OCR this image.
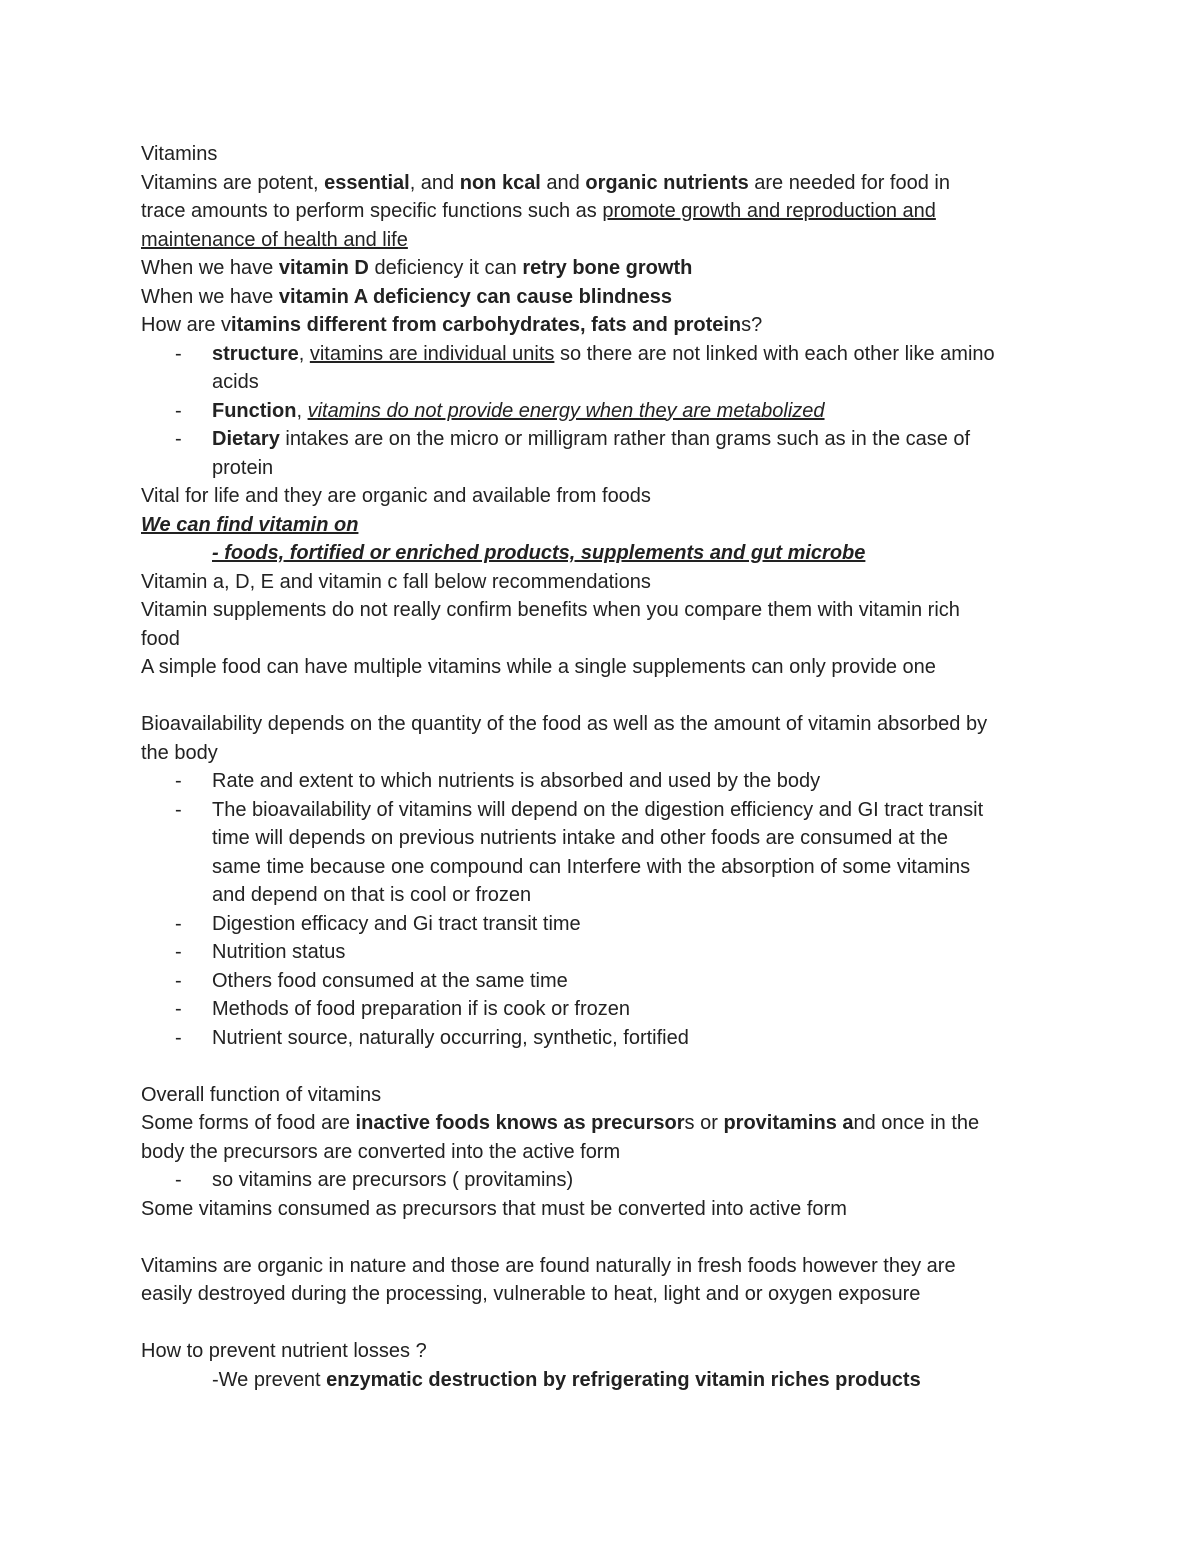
Vitamins
Vitamins are potent, essential, and non kcal and organic nutrients are needed for food in
trace amounts to perform specific functions such as promote growth and reproduction and
maintenance of health and life
When we have vitamin D deficiency it can retry bone growth
When we have vitamin A deficiency can cause blindness
How are vitamins different from carbohydrates, fats and proteins?
- structure, vitamins are individual units so there are not linked with each other like amino
acids
- Function, vitamins do not provide energy when they are metabolized
- Dietary intakes are on the micro or milligram rather than grams such as in the case of
protein
Vital for life and they are organic and available from foods
We can find vitamin on
- foods, fortified or enriched products, supplements and gut microbe
Vitamin a, D, E and vitamin c fall below recommendations
Vitamin supplements do not really confirm benefits when you compare them with vitamin rich
food
A simple food can have multiple vitamins while a single supplements can only provide one
Bioavailability depends on the quantity of the food as well as the amount of vitamin absorbed by
the body
- Rate and extent to which nutrients is absorbed and used by the body
- The bioavailability of vitamins will depend on the digestion efficiency and GI tract transit
time will depends on previous nutrients intake and other foods are consumed at the
same time because one compound can Interfere with the absorption of some vitamins
and depend on that is cool or frozen
- Digestion efficacy and Gi tract transit time
- Nutrition status
- Others food consumed at the same time
- Methods of food preparation if is cook or frozen
- Nutrient source, naturally occurring, synthetic, fortified
Overall function of vitamins
Some forms of food are inactive foods knows as precursors or provitamins and once in the
body the precursors are converted into the active form
- so vitamins are precursors ( provitamins)
Some vitamins consumed as precursors that must be converted into active form
Vitamins are organic in nature and those are found naturally in fresh foods however they are
easily destroyed during the processing, vulnerable to heat, light and or oxygen exposure
How to prevent nutrient losses ?
-We prevent enzymatic destruction by refrigerating vitamin riches products
